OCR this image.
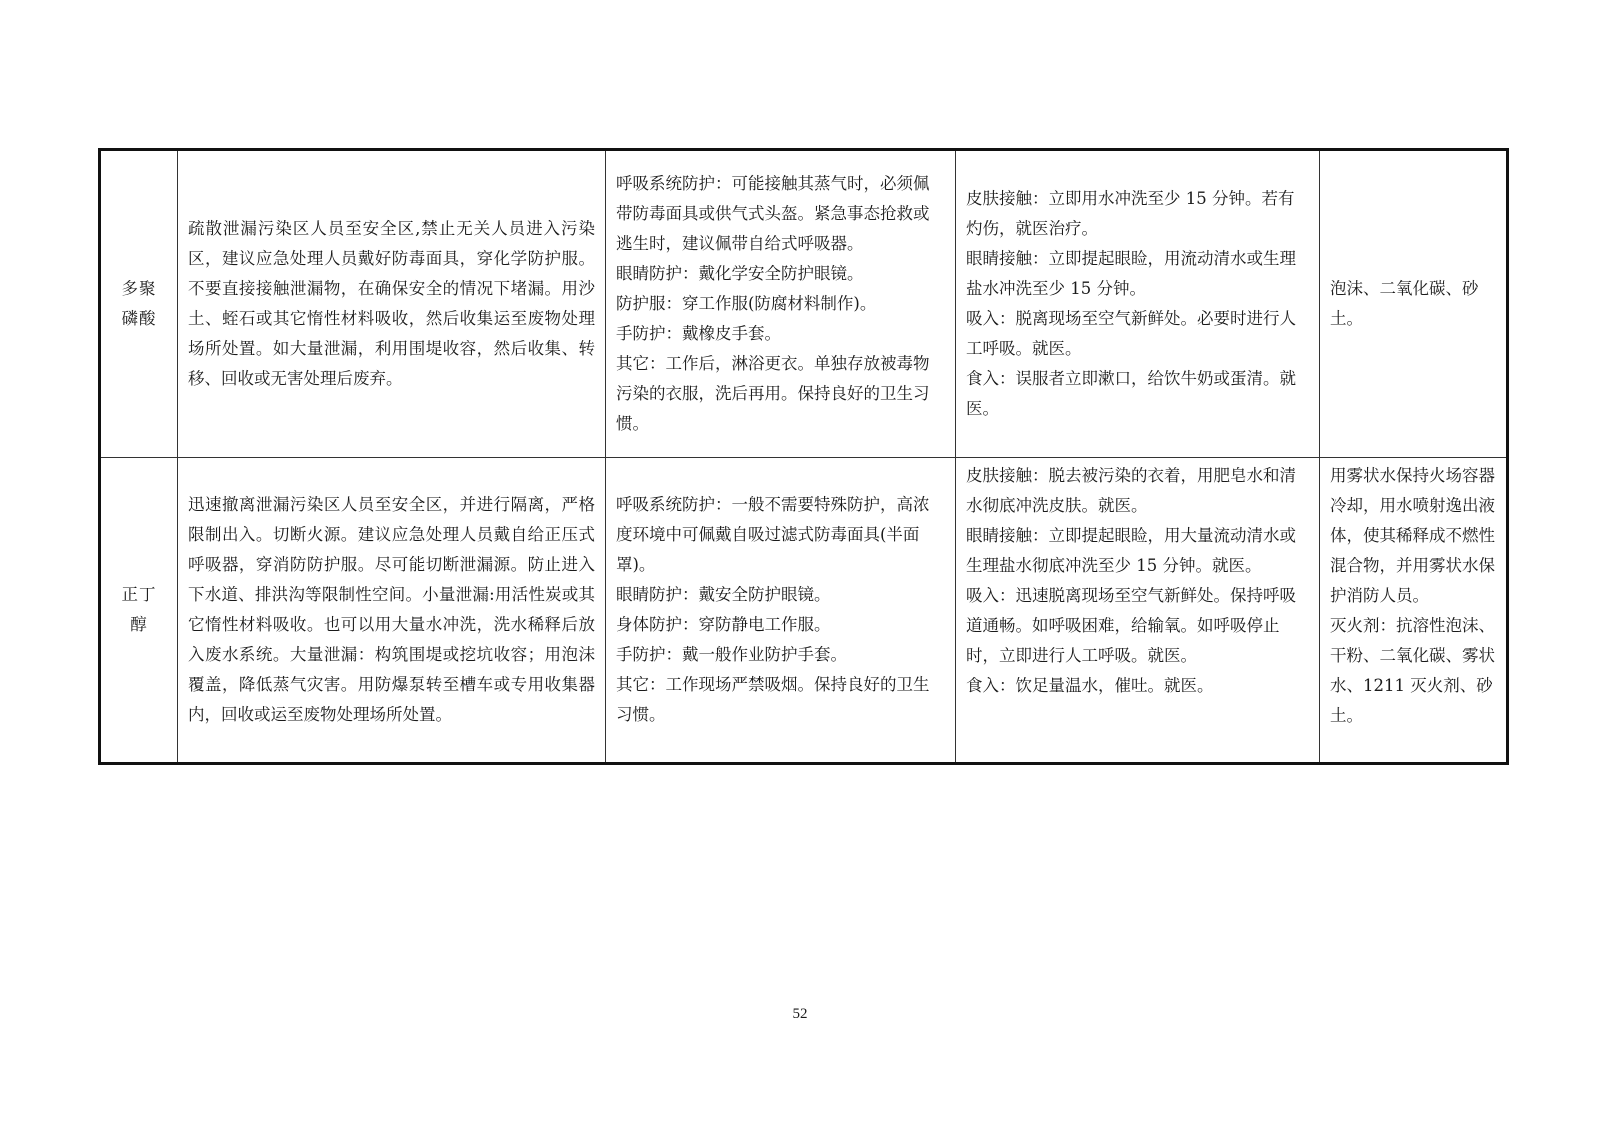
多聚
磷酸	疏散泄漏污染区人员至安全区,禁止无关人员进入污染区，建议应急处理人员戴好防毒面具，穿化学防护服。不要直接接触泄漏物，在确保安全的情况下堵漏。用沙土、蛭石或其它惰性材料吸收，然后收集运至废物处理场所处置。如大量泄漏，利用围堤收容，然后收集、转移、回收或无害处理后废弃。	呼吸系统防护：可能接触其蒸气时，必须佩带防毒面具或供气式头盔。紧急事态抢救或逃生时，建议佩带自给式呼吸器。
眼睛防护：戴化学安全防护眼镜。
防护服：穿工作服(防腐材料制作)。
手防护：戴橡皮手套。
其它：工作后，淋浴更衣。单独存放被毒物污染的衣服，洗后再用。保持良好的卫生习惯。	皮肤接触：立即用水冲洗至少 15 分钟。若有灼伤，就医治疗。
眼睛接触：立即提起眼睑，用流动清水或生理盐水冲洗至少 15 分钟。
吸入：脱离现场至空气新鲜处。必要时进行人工呼吸。就医。
食入：误服者立即漱口，给饮牛奶或蛋清。就医。	泡沫、二氧化碳、砂土。

正丁
醇	迅速撤离泄漏污染区人员至安全区，并进行隔离，严格限制出入。切断火源。建议应急处理人员戴自给正压式呼吸器，穿消防防护服。尽可能切断泄漏源。防止进入下水道、排洪沟等限制性空间。小量泄漏:用活性炭或其它惰性材料吸收。也可以用大量水冲洗，洗水稀释后放入废水系统。大量泄漏：构筑围堤或挖坑收容；用泡沫覆盖，降低蒸气灾害。用防爆泵转至槽车或专用收集器内，回收或运至废物处理场所处置。	呼吸系统防护：一般不需要特殊防护，高浓度环境中可佩戴自吸过滤式防毒面具(半面罩)。
眼睛防护：戴安全防护眼镜。
身体防护：穿防静电工作服。
手防护：戴一般作业防护手套。
其它：工作现场严禁吸烟。保持良好的卫生习惯。	皮肤接触：脱去被污染的衣着，用肥皂水和清水彻底冲洗皮肤。就医。
眼睛接触：立即提起眼睑，用大量流动清水或生理盐水彻底冲洗至少 15 分钟。就医。
吸入：迅速脱离现场至空气新鲜处。保持呼吸道通畅。如呼吸困难，给输氧。如呼吸停止时，立即进行人工呼吸。就医。
食入：饮足量温水，催吐。就医。	用雾状水保持火场容器冷却，用水喷射逸出液体，使其稀释成不燃性混合物，并用雾状水保护消防人员。
灭火剂：抗溶性泡沫、干粉、二氧化碳、雾状水、1211 灭火剂、砂土。
52
